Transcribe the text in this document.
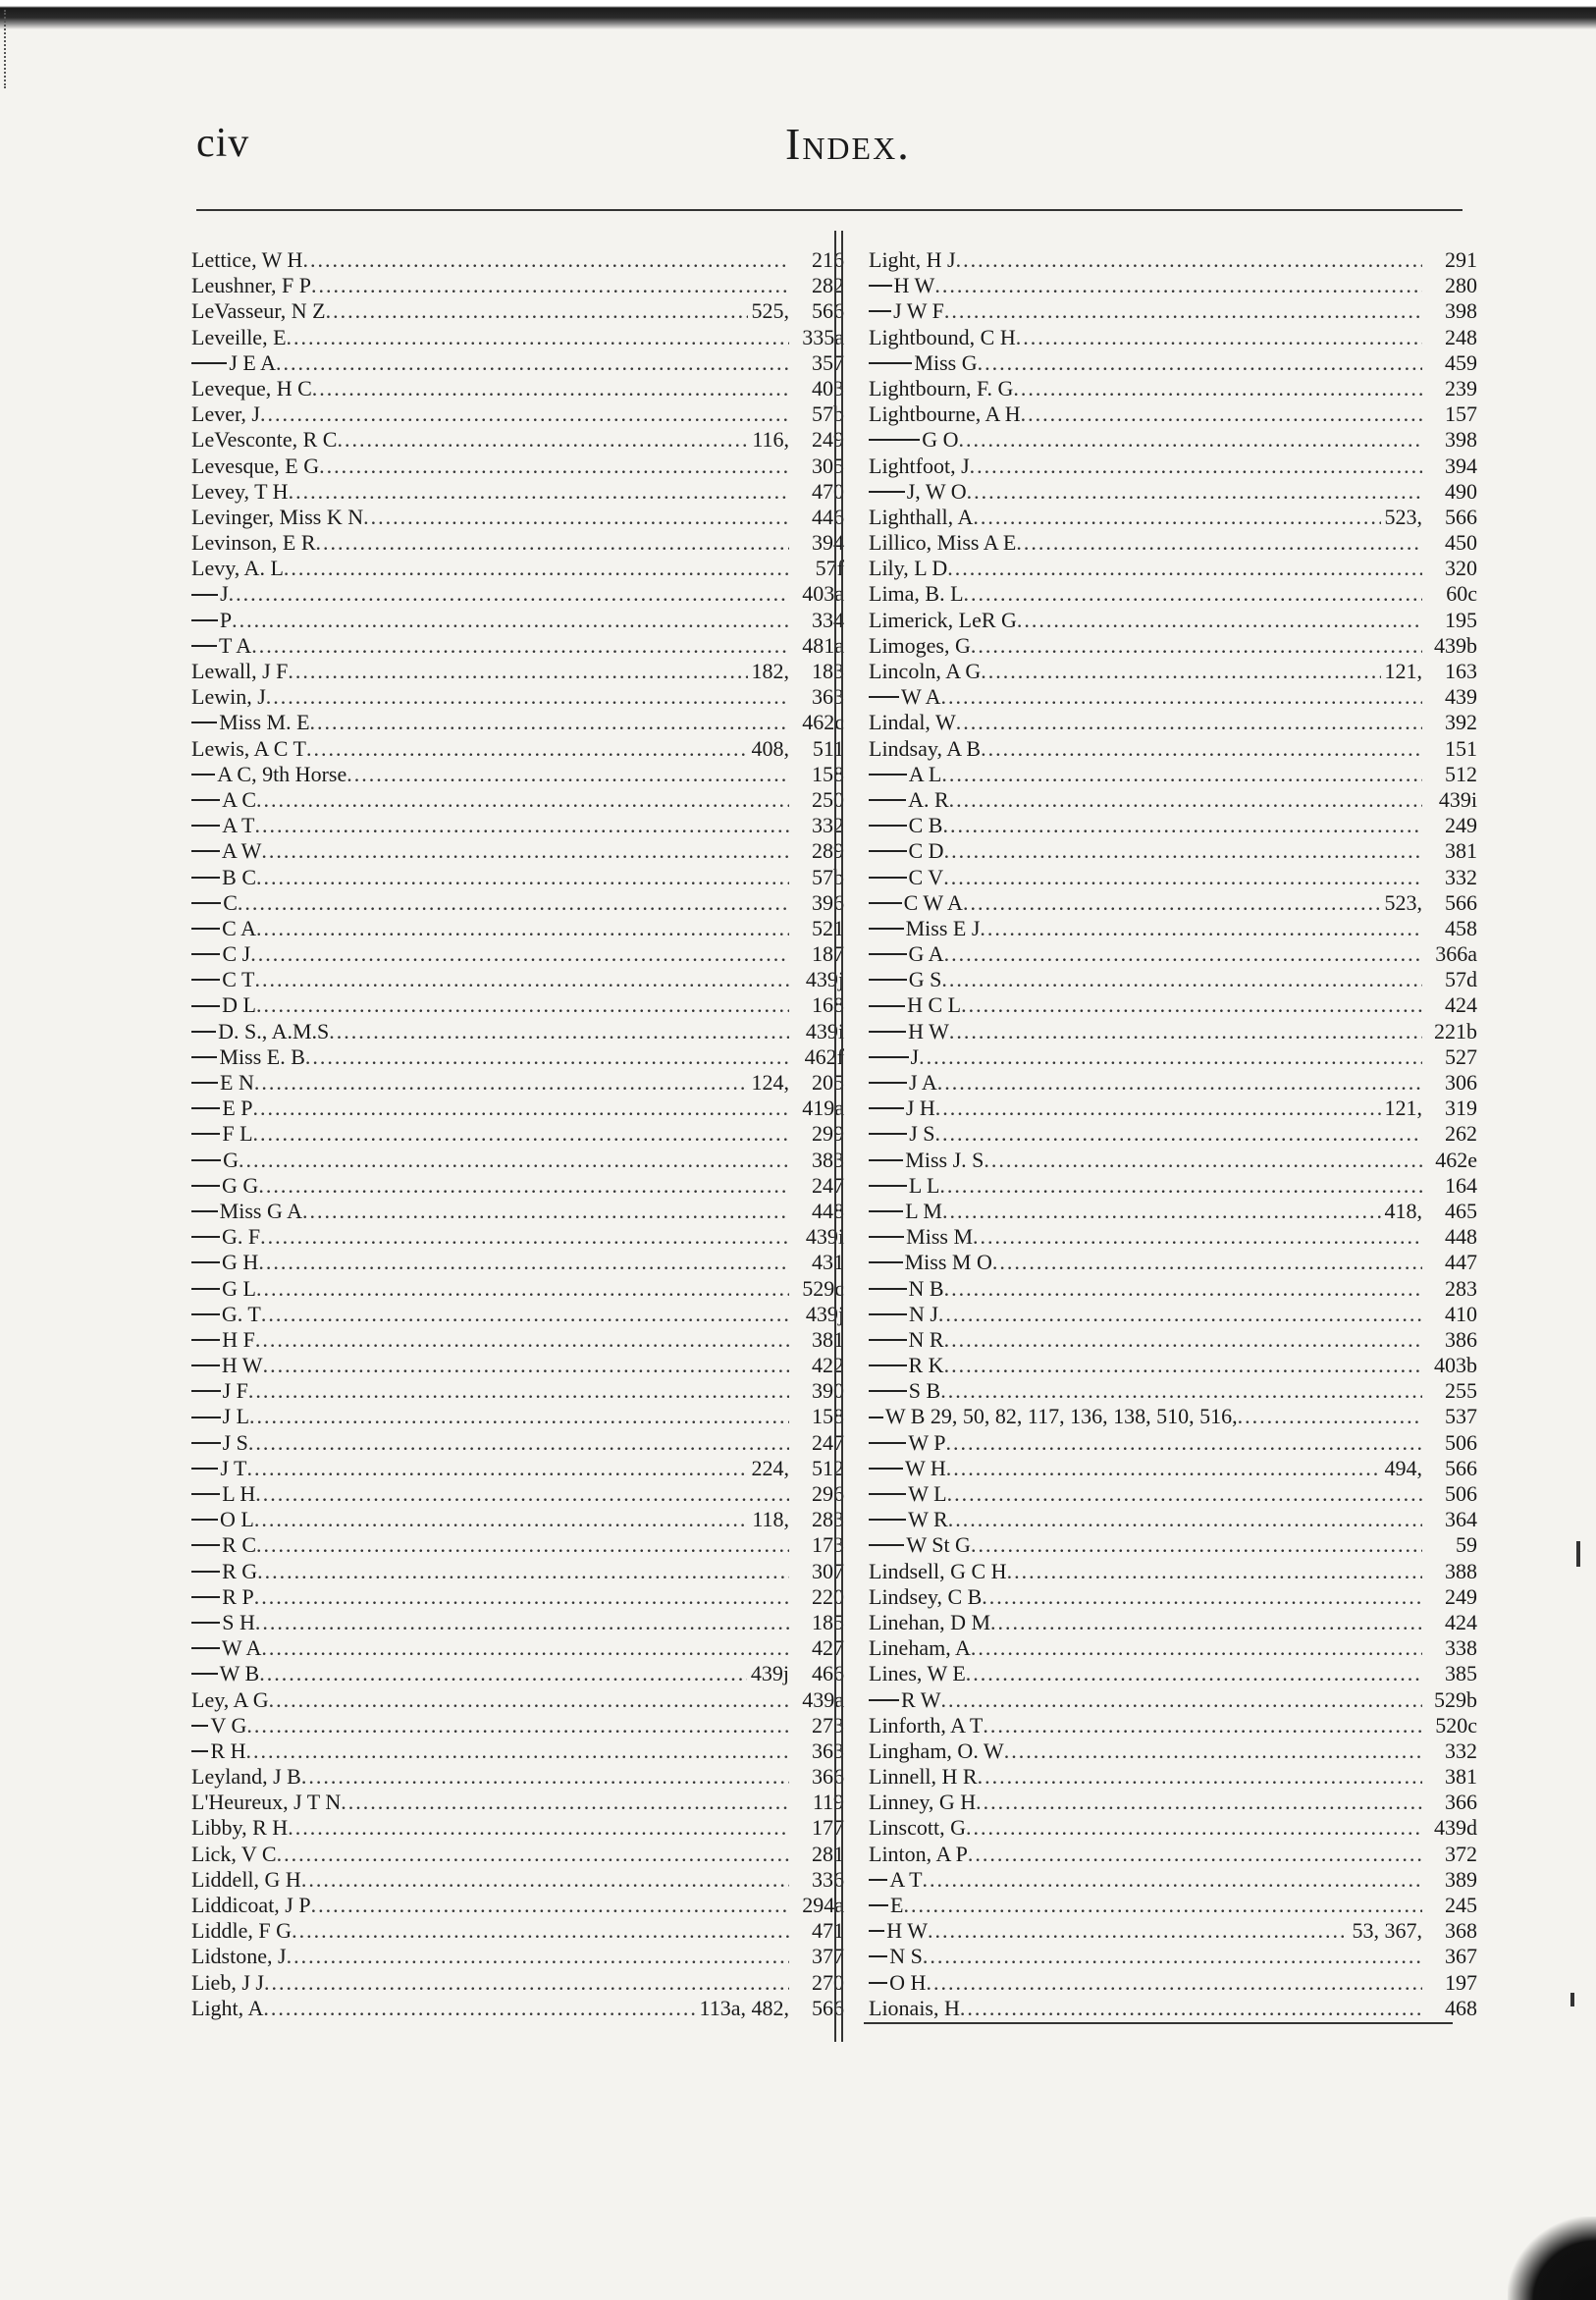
civ	Index.
Lettice, W H .....	216
Leushner, F P .....	282
LeVasseur, N Z .....	525,	566
Leveille, E .....	335a
J E A .....	357
Leveque, H C .....	403
Lever, J .....	57b
LeVesconte, R C .....	116,	249
Levesque, E G .....	305
Levey, T H .....	470
Levinger, Miss K N .....	446
Levinson, E R .....	394
Levy, A. L .....	57f
J .....	403a
P .....	334
T A .....	481a
Lewall, J F .....	182,	183
Lewin, J .....	363
Miss M. E .....	462c
Lewis, A C T .....	408,	511
A C, 9th Horse .....	158
A C .....	250
A T .....	332
A W .....	289
B C .....	57b
C .....	396
C A .....	521
C J .....	187
C T .....	439j
D L .....	168
D. S., A.M.S .....	439i
Miss E. B .....	462f
E N .....	124,	205
E P .....	419a
F L .....	299
G .....	383
G G .....	247
Miss G A .....	448
G. F .....	439i
G H .....	431
G L .....	529c
G. T .....	439j
H F .....	381
H W .....	422
J F .....	390
J L .....	158
J S .....	247
J T .....	224,	512
L H .....	296
O L .....	118,	283
R C .....	173
R G .....	307
R P .....	220
S H .....	185
W A .....	427
W B .....	439j	466
Ley, A G .....	439a
V G .....	273
R H .....	363
Leyland, J B .....	366
L'Heureux, J T N .....	119
Libby, R H .....	177
Lick, V C .....	281
Liddell, G H .....	336
Liddicoat, J P .....	294a
Liddle, F G .....	471
Lidstone, J .....	377
Lieb, J J .....	270
Light, A .....	113a, 482,	566
Light, H J .....	291
H W .....	280
J W F .....	398
Lightbound, C H .....	248
Miss G .....	459
Lightbourn, F. G .....	239
Lightbourne, A H .....	157
G O .....	398
Lightfoot, J .....	394
J, W O .....	490
Lighthall, A .....	523,	566
Lillico, Miss A E .....	450
Lily, L D .....	320
Lima, B. L .....	60c
Limerick, LeR G .....	195
Limoges, G .....	439b
Lincoln, A G .....	121,	163
W A .....	439
Lindal, W .....	392
Lindsay, A B .....	151
A L .....	512
A. R .....	439i
C B .....	249
C D .....	381
C V .....	332
C W A .....	523,	566
Miss E J .....	458
G A .....	366a
G S .....	57d
H C L .....	424
H W .....	221b
J .....	527
J A .....	306
J H .....	121,	319
J S .....	262
Miss J. S .....	462e
L L .....	164
L M .....	418,	465
Miss M .....	448
Miss M O .....	447
N B .....	283
N J .....	410
N R .....	386
R K .....	403b
S B .....	255
W B 29, 50, 82, 117, 136, 138, 510, 516, .....	537
W P .....	506
W H .....	494,	566
W L .....	506
W R .....	364
W St G .....	59
Lindsell, G C H .....	388
Lindsey, C B .....	249
Linehan, D M .....	424
Lineham, A .....	338
Lines, W E .....	385
R W .....	529b
Linforth, A T .....	520c
Lingham, O. W .....	332
Linnell, H R .....	381
Linney, G H .....	366
Linscott, G .....	439d
Linton, A P .....	372
A T .....	389
E .....	245
H W .....	53, 367,	368
N S .....	367
O H .....	197
Lionais, H .....	468
